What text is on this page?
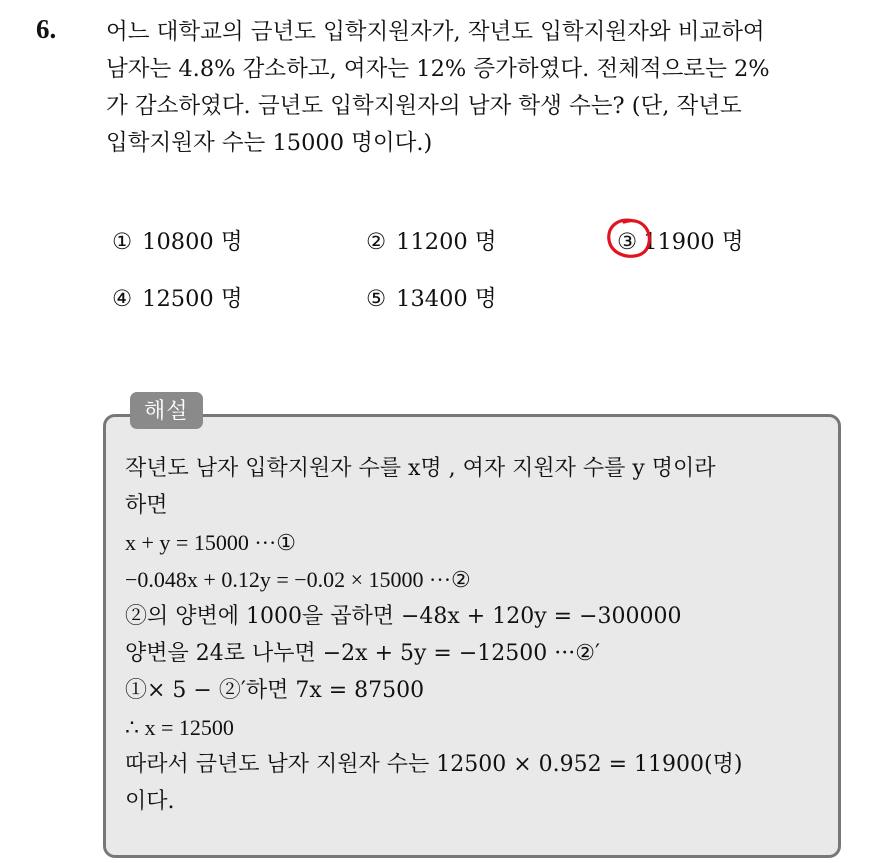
6. 어느 대학교의 금년도 입학지원자가, 작년도 입학지원자와 비교하여
남자는 4.8% 감소하고, 여자는 12% 증가하였다. 전체적으로는 2%
가 감소하였다. 금년도 입학지원자의 남자 학생 수는? (단, 작년도
입학지원자 수는 15000 명이다.)
① 10800 명	② 11200 명	③ 11900 명
④ 12500 명	⑤ 13400 명
해설
작년도 남자 입학지원자 수를 x명 , 여자 지원자 수를 y 명이라
하면
x + y = 15000 ···①
−0.048x + 0.12y = −0.02 × 15000 ···②
②의 양변에 1000을 곱하면 −48x + 120y = −300000
양변을 24로 나누면 −2x + 5y = −12500 ···②′
①× 5 − ②′하면 7x = 87500
∴ x = 12500
따라서 금년도 남자 지원자 수는 12500 × 0.952 = 11900(명)
이다.
